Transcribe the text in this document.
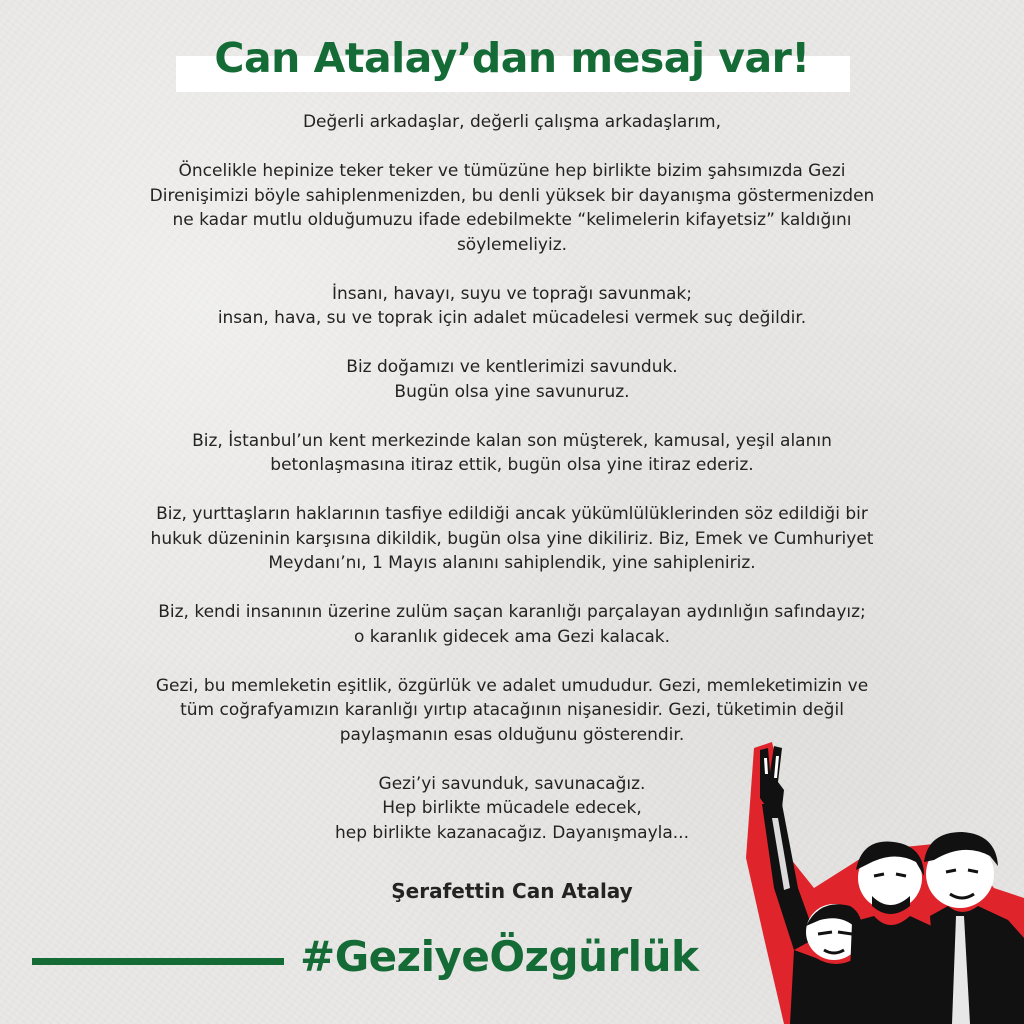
Can Atalay’dan mesaj var!

Değerli arkadaşlar, değerli çalışma arkadaşlarım,

Öncelikle hepinize teker teker ve tümüzüne hep birlikte bizim şahsımızda Gezi
Direnişimizi böyle sahiplenmenizden, bu denli yüksek bir dayanışma göstermenizden
ne kadar mutlu olduğumuzu ifade edebilmekte “kelimelerin kifayetsiz” kaldığını
söylemeliyiz.

İnsanı, havayı, suyu ve toprağı savunmak;
insan, hava, su ve toprak için adalet mücadelesi vermek suç değildir.

Biz doğamızı ve kentlerimizi savunduk.
Bugün olsa yine savunuruz.

Biz, İstanbul’un kent merkezinde kalan son müşterek, kamusal, yeşil alanın
betonlaşmasına itiraz ettik, bugün olsa yine itiraz ederiz.

Biz, yurttaşların haklarının tasfiye edildiği ancak yükümlülüklerinden söz edildiği bir
hukuk düzeninin karşısına dikildik, bugün olsa yine dikiliriz. Biz, Emek ve Cumhuriyet
Meydanı’nı, 1 Mayıs alanını sahiplendik, yine sahipleniriz.

Biz, kendi insanının üzerine zulüm saçan karanlığı parçalayan aydınlığın safındayız;
o karanlık gidecek ama Gezi kalacak.

Gezi, bu memleketin eşitlik, özgürlük ve adalet umududur. Gezi, memleketimizin ve
tüm coğrafyamızın karanlığı yırtıp atacağının nişanesidir. Gezi, tüketimin değil
paylaşmanın esas olduğunu gösterendir.

Gezi’yi savunduk, savunacağız.
Hep birlikte mücadele edecek,
hep birlikte kazanacağız. Dayanışmayla...

Şerafettin Can Atalay
#GeziyeÖzgürlük
